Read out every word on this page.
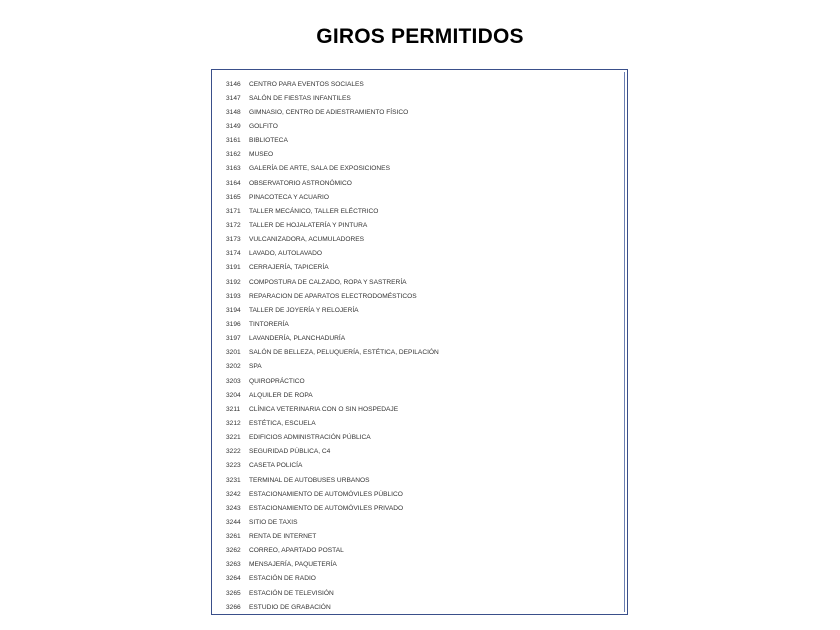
GIROS PERMITIDOS
3146	CENTRO PARA EVENTOS SOCIALES
3147	SALÓN DE FIESTAS INFANTILES
3148	GIMNASIO, CENTRO DE ADIESTRAMIENTO FÍSICO
3149	GOLFITO
3161	BIBLIOTECA
3162	MUSEO
3163	GALERÍA DE ARTE, SALA DE EXPOSICIONES
3164	OBSERVATORIO ASTRONÓMICO
3165	PINACOTECA Y ACUARIO
3171	TALLER MECÁNICO, TALLER ELÉCTRICO
3172	TALLER DE HOJALATERÍA Y PINTURA
3173	VULCANIZADORA, ACUMULADORES
3174	LAVADO, AUTOLAVADO
3191	CERRAJERÍA, TAPICERÍA
3192	COMPOSTURA DE CALZADO, ROPA Y SASTRERÍA
3193	REPARACION DE APARATOS ELECTRODOMÉSTICOS
3194	TALLER DE JOYERÍA Y RELOJERÍA
3196	TINTORERÍA
3197	LAVANDERÍA, PLANCHADURÍA
3201	SALÓN DE BELLEZA, PELUQUERÍA, ESTÉTICA, DEPILACIÓN
3202	SPA
3203	QUIROPRÁCTICO
3204	ALQUILER DE ROPA
3211	CLÍNICA VETERINARIA CON O SIN HOSPEDAJE
3212	ESTÉTICA, ESCUELA
3221	EDIFICIOS ADMINISTRACIÓN PÚBLICA
3222	SEGURIDAD PÚBLICA, C4
3223	CASETA POLICÍA
3231	TERMINAL DE AUTOBUSES URBANOS
3242	ESTACIONAMIENTO DE AUTOMÓVILES PÚBLICO
3243	ESTACIONAMIENTO DE AUTOMÓVILES PRIVADO
3244	SITIO DE TAXIS
3261	RENTA DE INTERNET
3262	CORREO, APARTADO POSTAL
3263	MENSAJERÍA, PAQUETERÍA
3264	ESTACIÓN DE RADIO
3265	ESTACIÓN DE TELEVISIÓN
3266	ESTUDIO DE GRABACIÓN
